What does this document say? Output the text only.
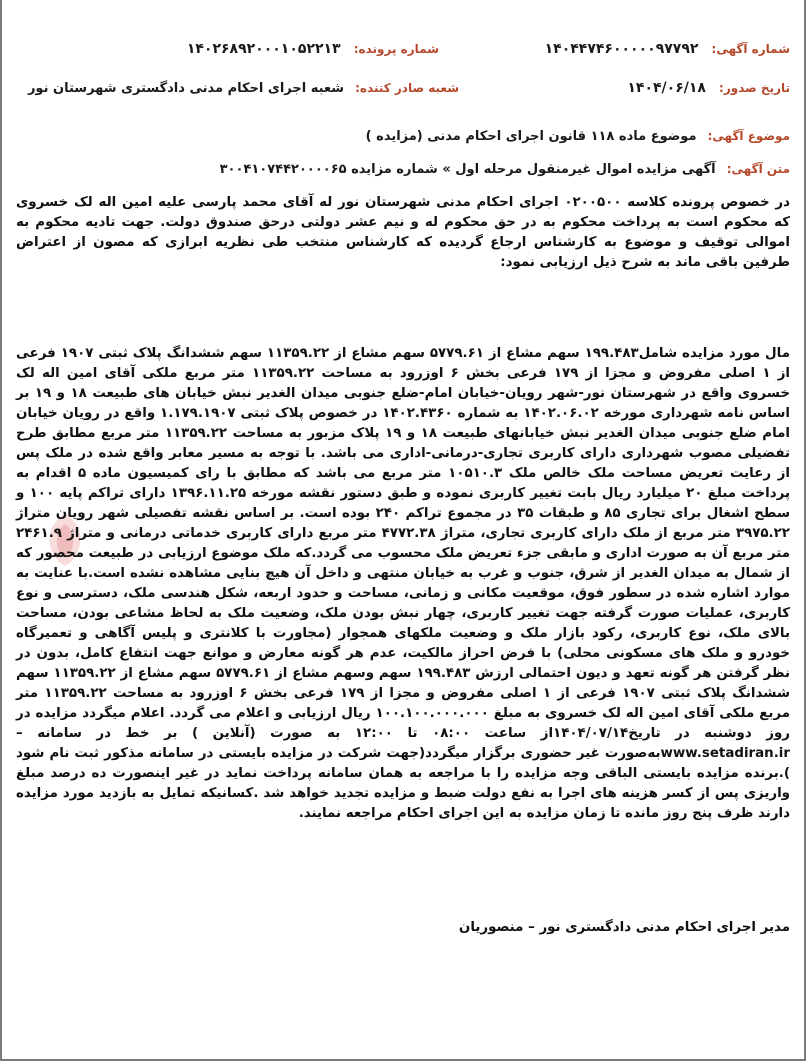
شماره آگهی: ۱۴۰۴۴۷۴۶۰۰۰۰۰۹۷۷۹۲
شماره پرونده: ۱۴۰۲۶۸۹۲۰۰۰۱۰۵۲۲۱۳
تاریخ صدور: ۱۴۰۴/۰۶/۱۸
شعبه صادر کننده: شعبه اجرای احکام مدنی دادگستری شهرستان نور
موضوع آگهی: موضوع ماده ۱۱۸ قانون اجرای احکام مدنی (مزایده )
متن آگهی: آگهی مزایده اموال غیرمنقول مرحله اول » شماره مزایده ۳۰۰۴۱۰۷۴۴۲۰۰۰۰۶۵
در خصوص پرونده کلاسه ۰۲۰۰۵۰۰ اجرای احکام مدنی شهرستان نور له آقای محمد پارسی علیه امین اله لک خسروی که محکوم است به پرداخت محکوم به در حق محکوم له و نیم عشر دولتی درحق صندوق دولت. جهت تادیه محکوم به اموالی توقیف و موضوع به کارشناس ارجاع گردیده که کارشناس منتخب طی نظریه ابرازی که مصون از اعتراض طرفین باقی ماند به شرح ذیل ارزیابی نمود:
مال مورد مزایده شامل۱۹۹.۴۸۳ سهم مشاع از ۵۷۷۹.۶۱ سهم مشاع از ۱۱۳۵۹.۲۲ سهم ششدانگ پلاک ثبتی ۱۹۰۷ فرعی از ۱ اصلی مفروض و مجزا از ۱۷۹ فرعی بخش ۶ اوزرود به مساحت ۱۱۳۵۹.۲۲ متر مربع ملکی آقای امین اله لک خسروی واقع در شهرستان نور-شهر رویان-خیابان امام-ضلع جنوبی میدان الغدیر نبش خیابان های طبیعت ۱۸ و ۱۹ بر اساس نامه شهرداری مورخه ۱۴۰۲.۰۶.۰۲ به شماره ۱۴۰۲.۴۳۶۰ در خصوص پلاک ثبتی ۱.۱۷۹.۱۹۰۷ واقع در رویان خیابان امام ضلع جنوبی میدان الغدیر نبش خیابانهای طبیعت ۱۸ و ۱۹ پلاک مزبور به مساحت ۱۱۳۵۹.۲۲ متر مربع مطابق طرح تفضیلی مصوب شهرداری دارای کاربری تجاری-درمانی-اداری می باشد. با توجه به مسیر معابر واقع شده در ملک پس از رعایت تعریض مساحت ملک خالص ملک ۱۰۵۱۰.۳ متر مربع می باشد که مطابق با رای کمیسیون ماده ۵ اقدام به پرداخت مبلغ ۲۰ میلیارد ریال بابت تغییر کاربری نموده و طبق دستور نقشه مورخه ۱۳۹۶.۱۱.۲۵ دارای تراکم پایه ۱۰۰ و سطح اشغال برای تجاری ۸۵ و طبقات ۳۵ در مجموع تراکم ۲۴۰ بوده است. بر اساس نقشه تفصیلی شهر رویان متراژ ۳۹۷۵.۲۲ متر مربع از ملک دارای کاربری تجاری، متراژ ۴۷۷۲.۳۸ متر مربع دارای کاربری خدماتی درمانی و متراژ ۲۴۶۱.۹ متر مربع آن به صورت اداری و مابقی جزء تعریض ملک محسوب می گردد.که ملک موضوع ارزیابی در طبیعت محصور که از شمال به میدان الغدیر از شرق، جنوب و غرب به خیابان منتهی و داخل آن هیچ بنایی مشاهده نشده است.با عنایت به موارد اشاره شده در سطور فوق، موقعیت مکانی و زمانی، مساحت و حدود اربعه، شکل هندسی ملک، دسترسی و نوع کاربری، عملیات صورت گرفته جهت تغییر کاربری، چهار نبش بودن ملک، وضعیت ملک به لحاظ مشاعی بودن، مساحت بالای ملک، نوع کاربری، رکود بازار ملک و وضعیت ملکهای همجوار (مجاورت با کلانتری و پلیس آگاهی و تعمیرگاه خودرو و ملک های مسکونی محلی) با فرض احراز مالکیت، عدم هر گونه معارض و موانع جهت انتفاع کامل، بدون در نظر گرفتن هر گونه تعهد و دیون احتمالی ارزش ۱۹۹.۴۸۳ سهم وسهم مشاع از ۵۷۷۹.۶۱ سهم مشاع از ۱۱۳۵۹.۲۲ سهم ششدانگ پلاک ثبتی ۱۹۰۷ فرعی از ۱ اصلی مفروض و مجزا از ۱۷۹ فرعی بخش ۶ اوزرود به مساحت ۱۱۳۵۹.۲۲ متر مربع ملکی آقای امین اله لک خسروی به مبلغ ۱۰۰.۱۰۰.۰۰۰.۰۰۰ ریال ارزیابی و اعلام می گردد. اعلام میگردد مزایده در روز دوشنبه در تاریخ۱۴۰۴/۰۷/۱۴از ساعت ۰۸:۰۰ تا ۱۲:۰۰ به صورت (آنلاین ) بر خط در سامانه – www.setadiran.irبه‌صورت غیر حضوری برگزار میگردد(جهت شرکت در مزایده بایستی در سامانه مذکور ثبت نام شود ).برنده مزایده بایستی الباقی وجه مزایده را با مراجعه به همان سامانه پرداخت نماید در غیر اینصورت ده درصد مبلغ واریزی پس از کسر هزینه های اجرا به نفع دولت ضبط و مزایده تجدید خواهد شد .کسانیکه تمایل به بازدید مورد مزایده دارند ظرف پنج روز مانده تا زمان مزایده به این اجرای احکام مراجعه نمایند.
مدیر اجرای احکام مدنی دادگستری نور – منصوریان
